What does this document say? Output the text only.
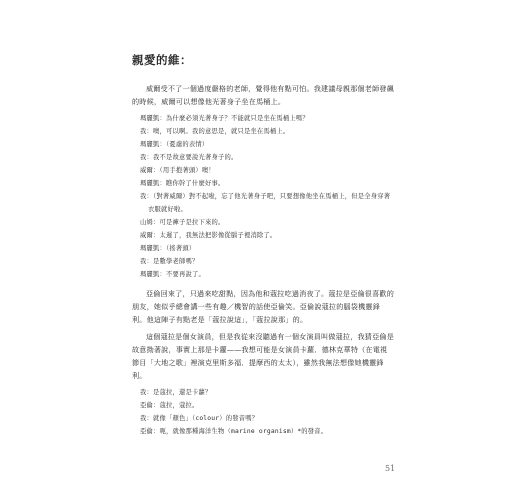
親愛的維：

威爾受不了一個過度嚴格的老師，覺得他有點可怕。我建議母親那個老師發飆的時候，威爾可以想像他光著身子坐在馬桶上。

瑪麗凱：為什麼必須光著身子？不能就只是坐在馬桶上嗎？

我：噢，可以啊。我的意思是，就只是坐在馬桶上。

瑪麗凱：（憂慮的表情）

我：我不是故意要說光著身子的。

威爾：（用手抱著頭）噢！

瑪麗凱：瞧你幹了什麼好事。

我：（對著威爾）對不起啦，忘了他光著身子吧，只要想像他坐在馬桶上，但是全身穿著衣服就好啦。

山姆：可是褲子是拉下來的。

威爾：太遲了，我無法把影像從腦子裡消除了。

瑪麗凱：（搖著頭）

我：是數學老師嗎？

瑪麗凱：不要再說了。

亞倫回來了，只過來吃甜點，因為他和蔻拉吃過消夜了。蔻拉是亞倫很喜歡的朋友，她似乎總會講一些有趣／機智的話使亞倫笑。亞倫說蔻拉的腦袋機靈鋒利。他這陣子有點老是「蔻拉說這」，「蔻拉說那」的。

這個蔻拉是個女演員，但是我從來沒聽過有一個女演員叫做蔻拉，我猜亞倫是故意拗著說，事實上那是卡蘿——我想可能是女演員卡蘿．德林克華特（在電視節目「大地之歌」裡演克里斯多福．提摩西的太太），雖然我無法想像她機靈鋒利。

我：是蔻拉，還是卡蘿？

亞倫：蔻拉，蔻拉。

我：就像「顏色」（colour）的發音嗎？

亞倫：呃，就像那種海洋生物（marine organism）*的發音。

51
